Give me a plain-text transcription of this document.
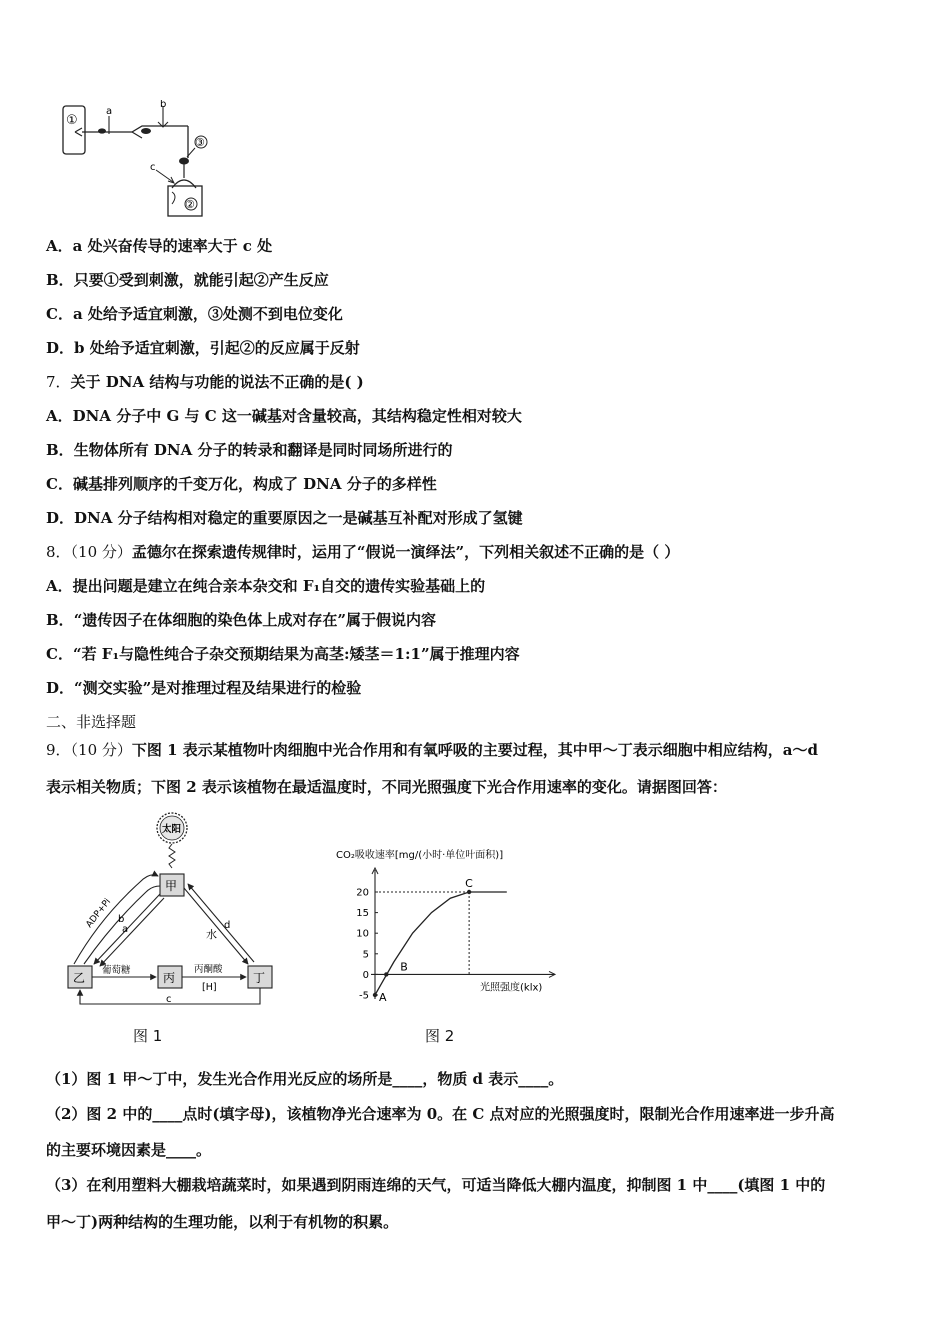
①
a
b
③
c
②
A．a 处兴奋传导的速率大于 c 处
B．只要①受到刺激，就能引起②产生反应
C．a 处给予适宜刺激，③处测不到电位变化
D．b 处给予适宜刺激，引起②的反应属于反射
7．关于 DNA 结构与功能的说法不正确的是( )
A．DNA 分子中 G 与 C 这一碱基对含量较高，其结构稳定性相对较大
B．生物体所有 DNA 分子的转录和翻译是同时同场所进行的
C．碱基排列顺序的千变万化，构成了 DNA 分子的多样性
D．DNA 分子结构相对稳定的重要原因之一是碱基互补配对形成了氢键
8．（10 分）孟德尔在探索遗传规律时，运用了“假说一演绎法”，下列相关叙述不正确的是（ ）
A．提出问题是建立在纯合亲本杂交和 F₁自交的遗传实验基础上的
B．“遗传因子在体细胞的染色体上成对存在”属于假说内容
C．“若 F₁与隐性纯合子杂交预期结果为高茎:矮茎＝1:1”属于推理内容
D．“测交实验”是对推理过程及结果进行的检验
二、非选择题
9．（10 分）下图 1 表示某植物叶肉细胞中光合作用和有氧呼吸的主要过程，其中甲～丁表示细胞中相应结构，a～d
表示相关物质；下图 2 表示该植物在最适温度时，不同光照强度下光合作用速率的变化。请据图回答：
太阳
甲
乙	丙	丁
ADP+Pi b
a	水
d
葡萄糖	丙酮酸
[H]
c
图 1
CO₂吸收速率[mg/(小时·单位叶面积)]
-5
0
5
10
15
20
A
B
C
光照强度(klx)
图 2
（1）图 1 甲～丁中，发生光合作用光反应的场所是____，物质 d 表示____。
（2）图 2 中的____点时(填字母)，该植物净光合速率为 0。在 C 点对应的光照强度时，限制光合作用速率进一步升高
的主要环境因素是____。
（3）在利用塑料大棚栽培蔬菜时，如果遇到阴雨连绵的天气，可适当降低大棚内温度，抑制图 1 中____(填图 1 中的
甲～丁)两种结构的生理功能，以利于有机物的积累。
